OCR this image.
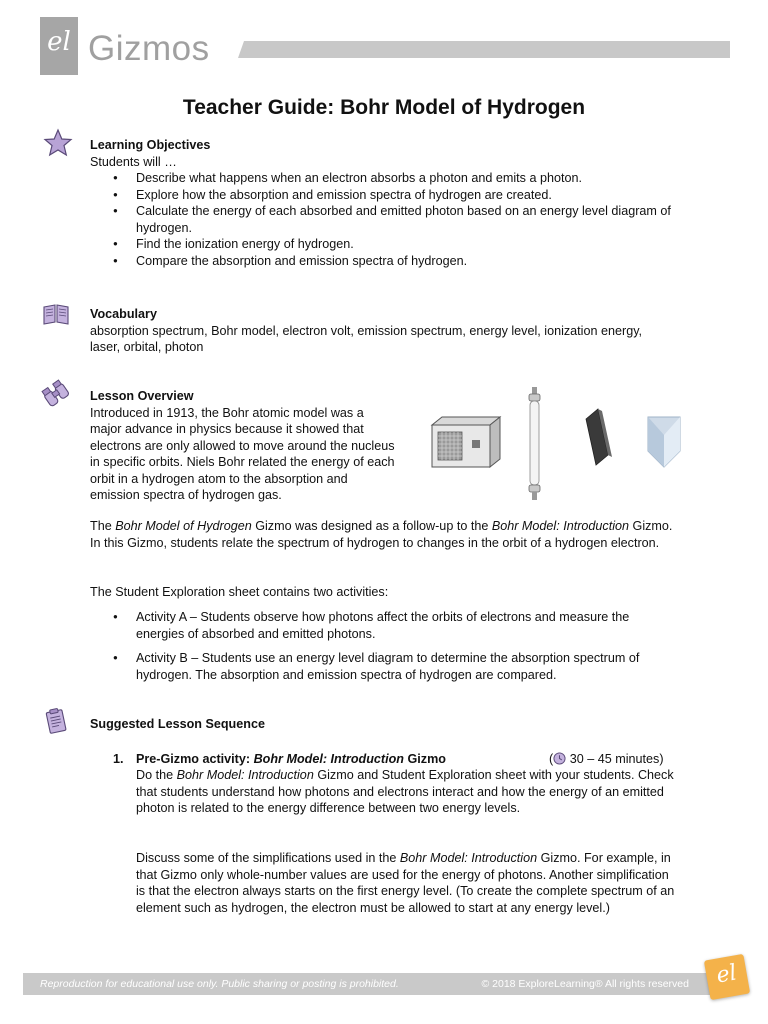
el Gizmos
Teacher Guide: Bohr Model of Hydrogen
Learning Objectives
Students will …
● Describe what happens when an electron absorbs a photon and emits a photon.
● Explore how the absorption and emission spectra of hydrogen are created.
● Calculate the energy of each absorbed and emitted photon based on an energy level diagram of hydrogen.
● Find the ionization energy of hydrogen.
● Compare the absorption and emission spectra of hydrogen.
Vocabulary
absorption spectrum, Bohr model, electron volt, emission spectrum, energy level, ionization energy, laser, orbital, photon
Lesson Overview
Introduced in 1913, the Bohr atomic model was a major advance in physics because it showed that electrons are only allowed to move around the nucleus in specific orbits. Niels Bohr related the energy of each orbit in a hydrogen atom to the absorption and emission spectra of hydrogen gas.
The Bohr Model of Hydrogen Gizmo was designed as a follow-up to the Bohr Model: Introduction Gizmo. In this Gizmo, students relate the spectrum of hydrogen to changes in the orbit of a hydrogen electron.
The Student Exploration sheet contains two activities:
● Activity A – Students observe how photons affect the orbits of electrons and measure the energies of absorbed and emitted photons.
● Activity B – Students use an energy level diagram to determine the absorption spectrum of hydrogen. The absorption and emission spectra of hydrogen are compared.
Suggested Lesson Sequence
1. Pre-Gizmo activity: Bohr Model: Introduction Gizmo	( 30 – 45 minutes)
Do the Bohr Model: Introduction Gizmo and Student Exploration sheet with your students. Check that students understand how photons and electrons interact and how the energy of an emitted photon is related to the energy difference between two energy levels.
Discuss some of the simplifications used in the Bohr Model: Introduction Gizmo. For example, in that Gizmo only whole-number values are used for the energy of photons. Another simplification is that the electron always starts on the first energy level. (To create the complete spectrum of an element such as hydrogen, the electron must be allowed to start at any energy level.)
Reproduction for educational use only. Public sharing or posting is prohibited.	© 2018 ExploreLearning® All rights reserved	el
